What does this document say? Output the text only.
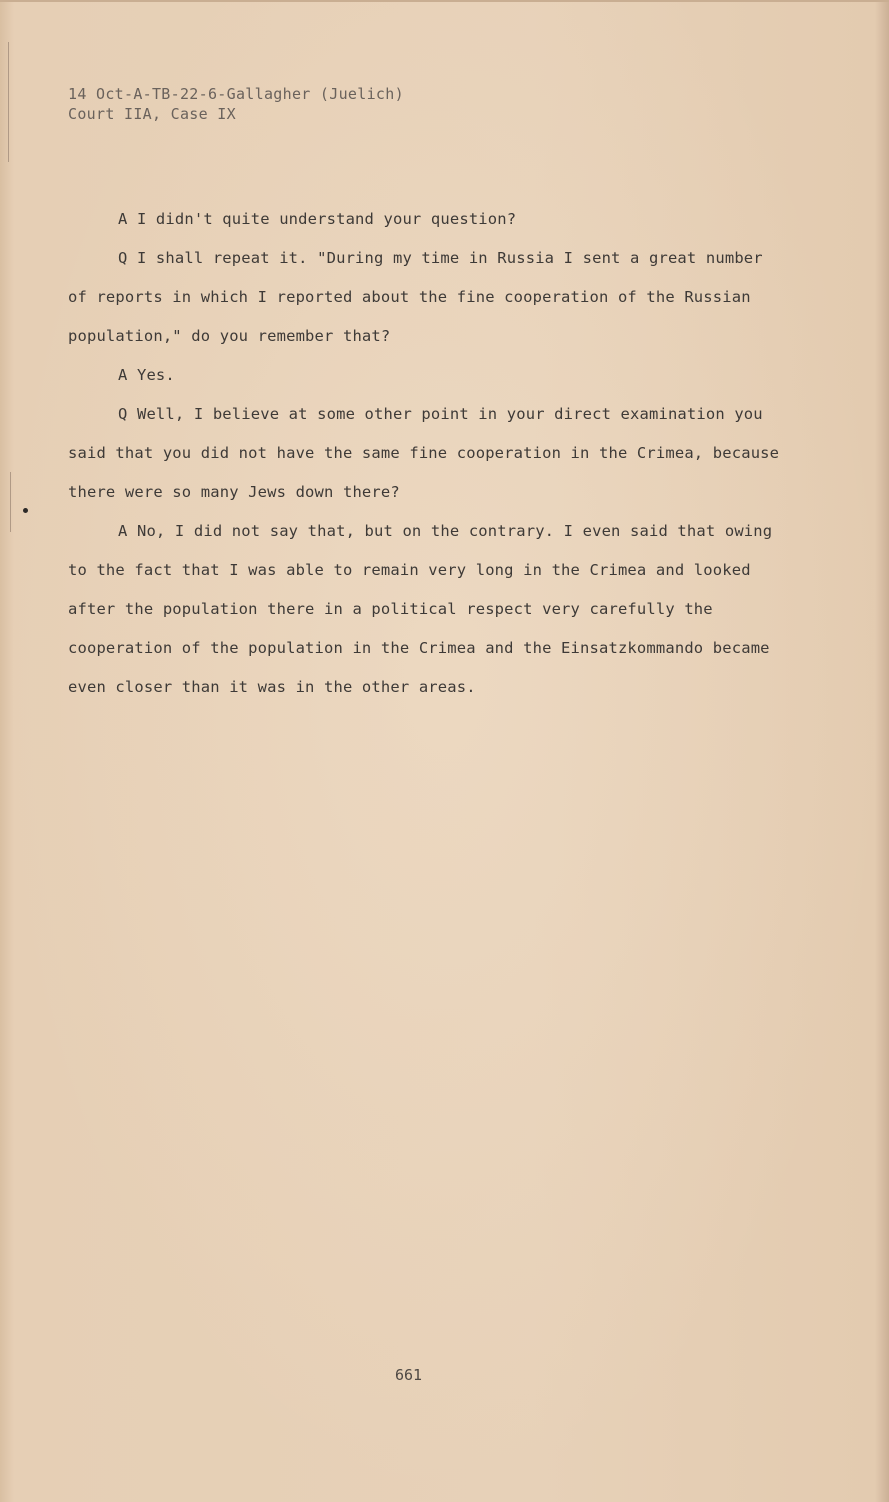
14 Oct-A-TB-22-6-Gallagher (Juelich)
Court IIA, Case IX

A I didn't quite understand your question?

Q I shall repeat it. "During my time in Russia I sent a great number of reports in which I reported about the fine cooperation of the Russian population," do you remember that?

A Yes.

Q Well, I believe at some other point in your direct examination you said that you did not have the same fine cooperation in the Crimea, because there were so many Jews down there?

A No, I did not say that, but on the contrary. I even said that owing to the fact that I was able to remain very long in the Crimea and looked after the population there in a political respect very carefully the cooperation of the population in the Crimea and the Einsatzkommando became even closer than it was in the other areas.

661
